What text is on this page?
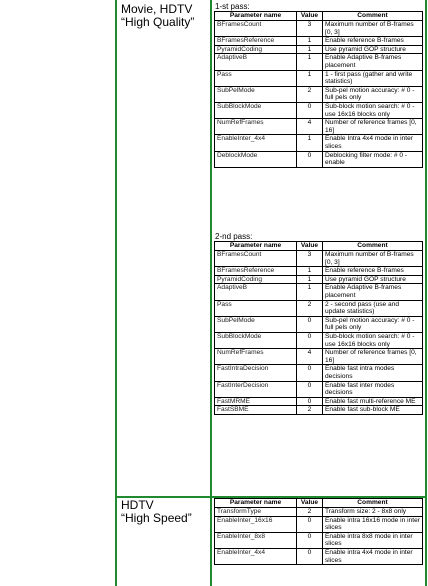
Movie, HDTV
“High Quality”
1-st pass:
Parameter name	Value	Comment
BFramesCount	3	Maximum number of B-frames [0, 3]
BFramesReference	1	Enable reference B-frames
PyramidCoding	1	Use pyramid GOP structure
AdaptiveB	1	Enable Adaptive B-frames placement
Pass	1	1 - first pass (gather and write statistics)
SubPelMode	2	Sub-pel motion accuracy: # 0 - full pels only
SubBlockMode	0	Sub-block motion search: # 0 - use 16x16 blocks only
NumRefFrames	4	Number of reference frames [0, 16]
EnableInter_4x4	1	Enable Intra 4x4 mode in inter slices
DeblockMode	0	Deblocking filter mode: # 0 - enable
2-nd pass:
Parameter name	Value	Comment
BFramesCount	3	Maximum number of B-frames [0, 3]
BFramesReference	1	Enable reference B-frames
PyramidCoding	1	Use pyramid GOP structure
AdaptiveB	1	Enable Adaptive B-frames placement
Pass	2	2 - second pass (use and update statistics)
SubPelMode	0	Sub-pel motion accuracy: # 0 - full pels only
SubBlockMode	0	Sub-block motion search: # 0 - use 16x16 blocks only
NumRefFrames	4	Number of reference frames [0, 16]
FastIntraDecision	0	Enable fast intra modes decisions
FastInterDecision	0	Enable fast inter modes decisions
FastMRME	0	Enable fast multi-reference ME
FastSBME	2	Enable fast sub-block ME
HDTV
“High Speed”
Parameter name	Value	Comment
TransformType	2	Transform size: 2 - 8x8 only
EnableInter_16x16	0	Enable intra 16x16 mode in inter slices
EnableInter_8x8	0	Enable intra 8x8 mode in inter slices
EnableInter_4x4	0	Enable intra 4x4 mode in inter slices
